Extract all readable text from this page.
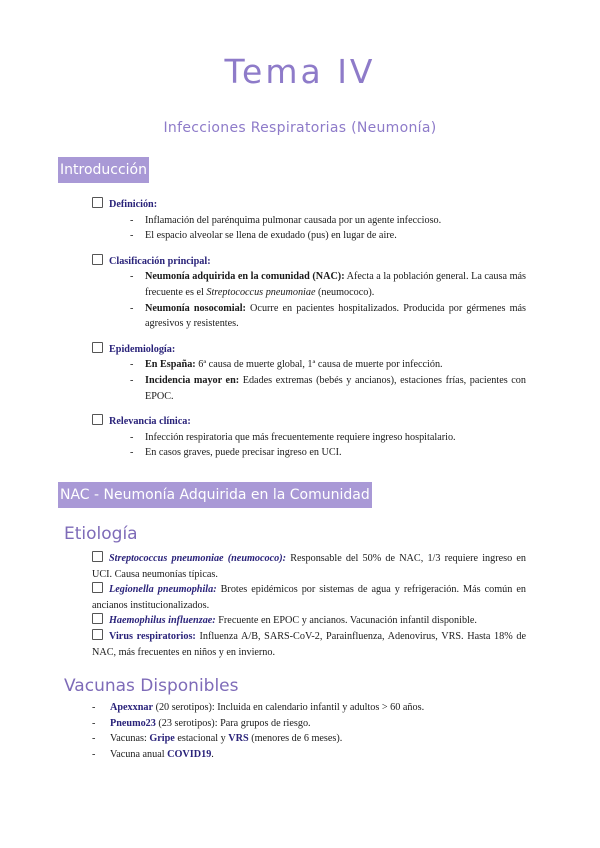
Tema IV
Infecciones Respiratorias (Neumonía)
Introducción
Definición:
- Inflamación del parénquima pulmonar causada por un agente infeccioso.
- El espacio alveolar se llena de exudado (pus) en lugar de aire.
Clasificación principal:
- Neumonía adquirida en la comunidad (NAC): Afecta a la población general. La causa más frecuente es el Streptococcus pneumoniae (neumococo).
- Neumonía nosocomial: Ocurre en pacientes hospitalizados. Producida por gérmenes más agresivos y resistentes.
Epidemiología:
- En España: 6ª causa de muerte global, 1ª causa de muerte por infección.
- Incidencia mayor en: Edades extremas (bebés y ancianos), estaciones frías, pacientes con EPOC.
Relevancia clínica:
- Infección respiratoria que más frecuentemente requiere ingreso hospitalario.
- En casos graves, puede precisar ingreso en UCI.
NAC - Neumonía Adquirida en la Comunidad
Etiología
Streptococcus pneumoniae (neumococo): Responsable del 50% de NAC, 1/3 requiere ingreso en UCI. Causa neumonías típicas.
Legionella pneumophila: Brotes epidémicos por sistemas de agua y refrigeración. Más común en ancianos institucionalizados.
Haemophilus influenzae: Frecuente en EPOC y ancianos. Vacunación infantil disponible.
Virus respiratorios: Influenza A/B, SARS-CoV-2, Parainfluenza, Adenovirus, VRS. Hasta 18% de NAC, más frecuentes en niños y en invierno.
Vacunas Disponibles
- Apexxnar (20 serotipos): Incluida en calendario infantil y adultos > 60 años.
- Pneumo23 (23 serotipos): Para grupos de riesgo.
- Vacunas: Gripe estacional y VRS (menores de 6 meses).
- Vacuna anual COVID19.
